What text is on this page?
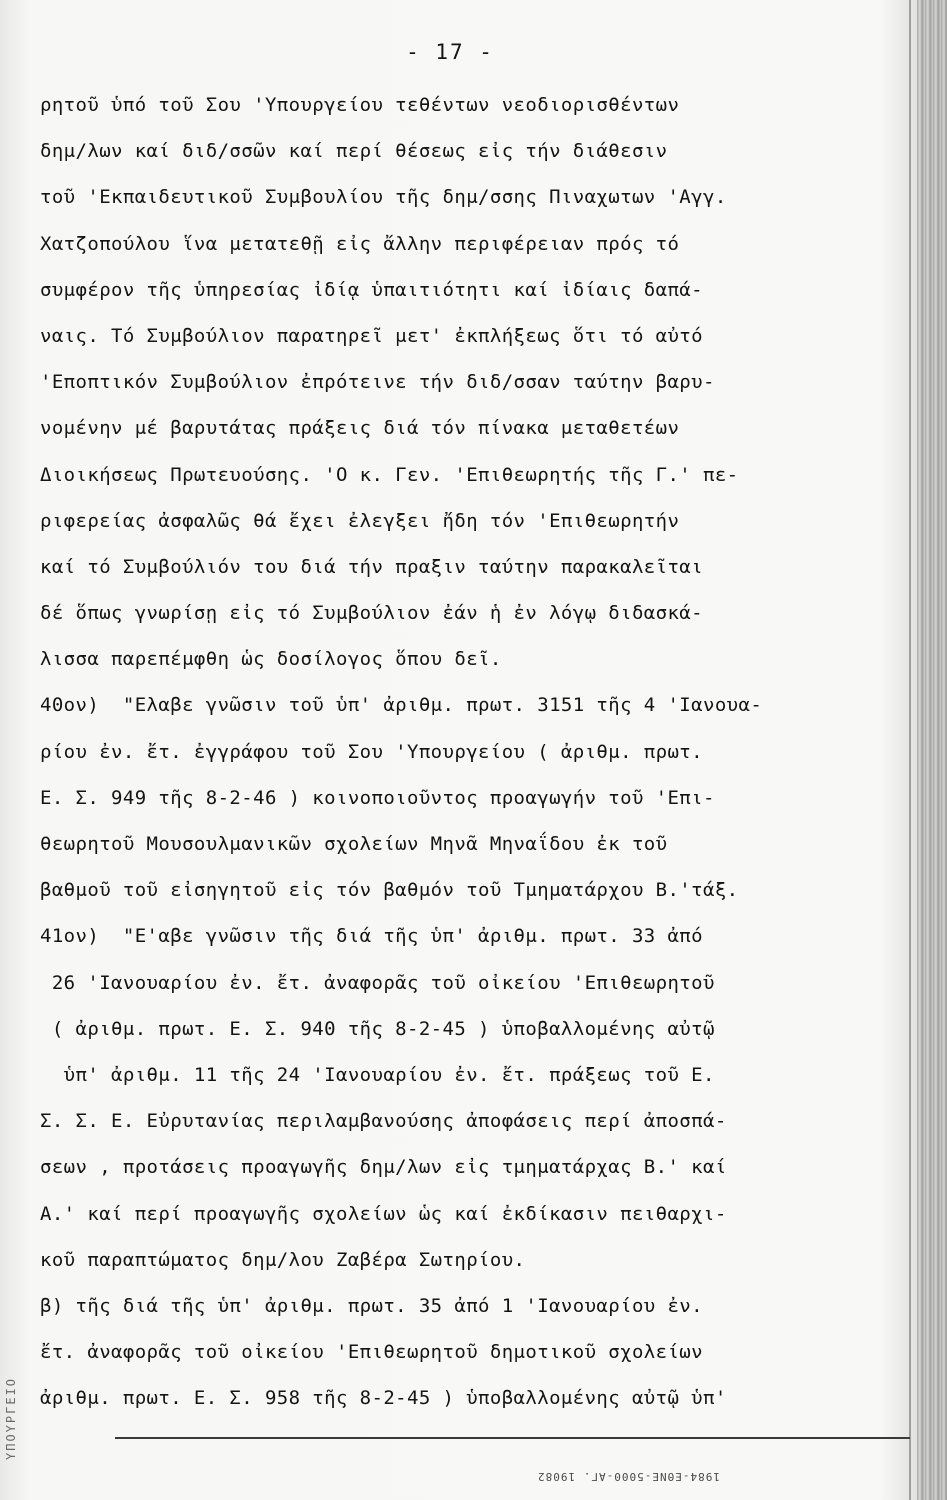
- 17 -
ρητοῦ ὑπό τοῦ Σου 'Υπουργείου τεθέντων νεοδιορισθέντων
δημ/λων καί διδ/σσῶν καί περί θέσεως εἰς τήν διάθεσιν
τοῦ 'Εκπαιδευτικοῦ Συμβουλίου τῆς δημ/σσης Πιναχωτων 'Αγγ.
Χατζοπούλου ἵνα μετατεθῇ εἰς ἄλλην περιφέρειαν πρός τό
συμφέρον τῆς ὑπηρεσίας ἰδίᾳ ὑπαιτιότητι καί ἰδίαις δαπά-
ναις. Τό Συμβούλιον παρατηρεῖ μετ' ἐκπλήξεως ὅτι τό αὐτό
'Εποπτικόν Συμβούλιον ἐπρότεινε τήν διδ/σσαν ταύτην βαρυ-
νομένην μέ βαρυτάτας πράξεις διά τόν πίνακα μεταθετέων
Διοικήσεως Πρωτευούσης. 'Ο κ. Γεν. 'Επιθεωρητής τῆς Γ.' πε-
ριφερείας ἀσφαλῶς θά ἔχει ἐλεγξει ἤδη τόν 'Επιθεωρητήν
καί τό Συμβούλιόν του διά τήν πραξιν ταύτην παρακαλεῖται
δέ ὅπως γνωρίσῃ εἰς τό Συμβούλιον ἐάν ἡ ἐν λόγῳ διδασκά-
λισσα παρεπέμφθη ὡς δοσίλογος ὅπου δεῖ.
40ον)  "Ελαβε γνῶσιν τοῦ ὑπ' ἀριθμ. πρωτ. 3151 τῆς 4 'Ιανουα-
ρίου ἐν. ἔτ. ἐγγράφου τοῦ Σου 'Υπουργείου ( ἀριθμ. πρωτ.
Ε. Σ. 949 τῆς 8-2-46 ) κοινοποιοῦντος προαγωγήν τοῦ 'Επι-
θεωρητοῦ Μουσουλμανικῶν σχολείων Μηνᾶ Μηναΐδου ἐκ τοῦ
βαθμοῦ τοῦ εἰσηγητοῦ εἰς τόν βαθμόν τοῦ Τμηματάρχου Β.'τάξ.
41ον)  "Ε'αβε γνῶσιν τῆς διά τῆς ὑπ' ἀριθμ. πρωτ. 33 ἀπό
26 'Ιανουαρίου ἐν. ἔτ. ἀναφορᾶς τοῦ οἰκείου 'Επιθεωρητοῦ
( ἀριθμ. πρωτ. Ε. Σ. 940 τῆς 8-2-45 ) ὑποβαλλομένης αὐτῷ
ὑπ' ἀριθμ. 11 τῆς 24 'Ιανουαρίου ἐν. ἔτ. πράξεως τοῦ Ε.
Σ. Σ. Ε. Εὐρυτανίας περιλαμβανούσης ἀποφάσεις περί ἀποσπά-
σεων , προτάσεις προαγωγῆς δημ/λων εἰς τμηματάρχας Β.' καί
Α.' καί περί προαγωγῆς σχολείων ὡς καί ἐκδίκασιν πειθαρχι-
κοῦ παραπτώματος δημ/λου Ζαβέρα Σωτηρίου.
β) τῆς διά τῆς ὑπ' ἀριθμ. πρωτ. 35 ἀπό 1 'Ιανουαρίου ἐν.
ἔτ. ἀναφορᾶς τοῦ οἰκείου 'Επιθεωρητοῦ δημοτικοῦ σχολείων
ἀριθμ. πρωτ. Ε. Σ. 958 τῆς 8-2-45 ) ὑποβαλλομένης αὐτῷ ὑπ'
1984-ΕΘΝΕ-5000-ΑΓ. 19082
ΥΠΟΥΡΓΕΙΟ
